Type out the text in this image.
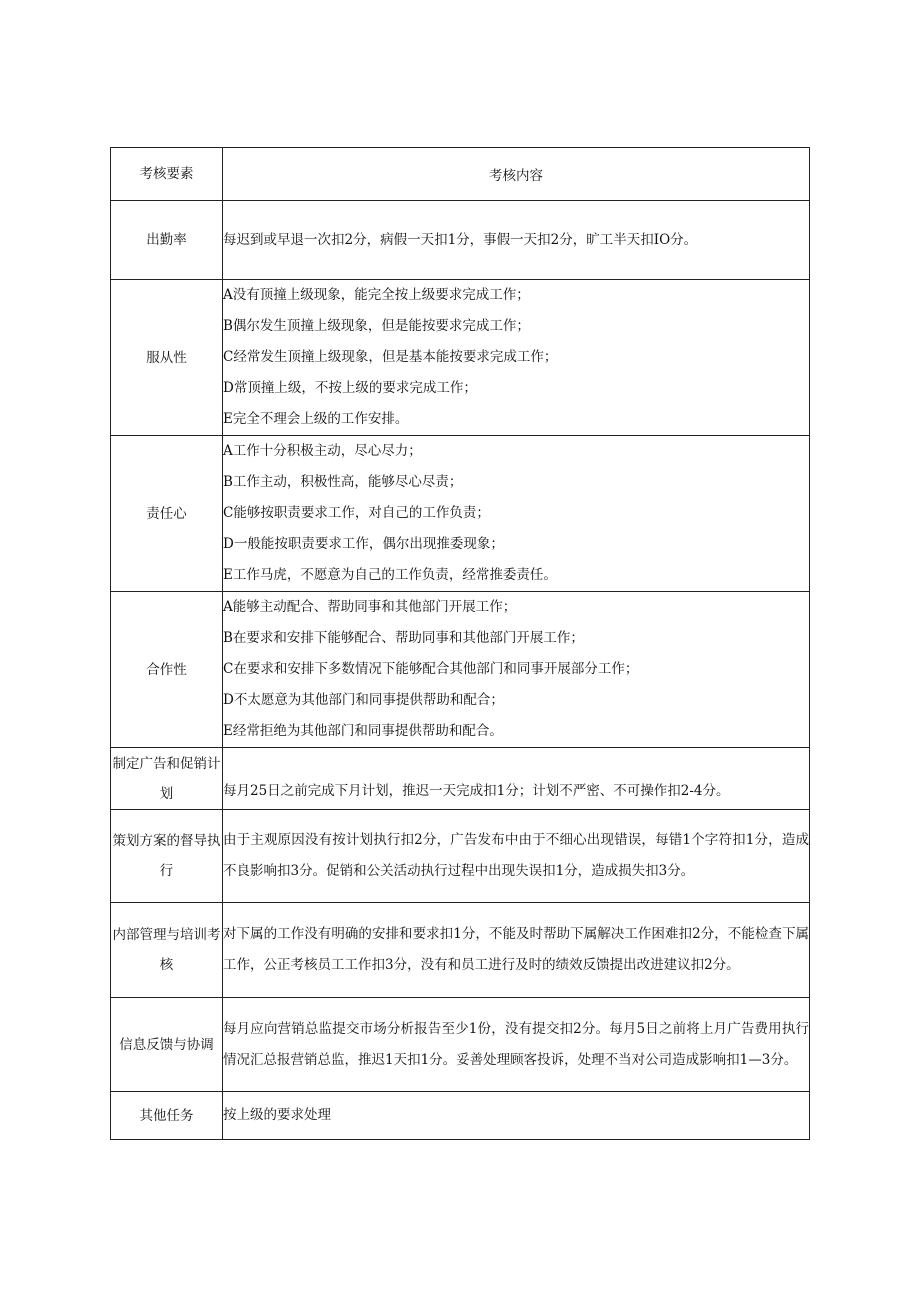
考核要素	考核内容
出勤率	每迟到或早退一次扣2分，病假一天扣1分，事假一天扣2分，旷工半天扣IO分。

服从性	A没有顶撞上级现象，能完全按上级要求完成工作；
B偶尔发生顶撞上级现象，但是能按要求完成工作；
C经常发生顶撞上级现象，但是基本能按要求完成工作；
D常顶撞上级，不按上级的要求完成工作；
E完全不理会上级的工作安排。

责任心	A工作十分积极主动，尽心尽力；
B工作主动，积极性高，能够尽心尽责；
C能够按职责要求工作，对自己的工作负责；
D一般能按职责要求工作，偶尔出现推委现象；
E工作马虎，不愿意为自己的工作负责，经常推委责任。

合作性	A能够主动配合、帮助同事和其他部门开展工作；
B在要求和安排下能够配合、帮助同事和其他部门开展工作；
C在要求和安排下多数情况下能够配合其他部门和同事开展部分工作；
D不太愿意为其他部门和同事提供帮助和配合；
E经常拒绝为其他部门和同事提供帮助和配合。

制定广告和促销计划	每月25日之前完成下月计划，推迟一天完成扣1分；计划不严密、不可操作扣2-4分。

策划方案的督导执行	由于主观原因没有按计划执行扣2分，广告发布中由于不细心出现错误，每错1个字符扣1分，造成不良影响扣3分。促销和公关活动执行过程中出现失误扣1分，造成损失扣3分。

内部管理与培训考核	对下属的工作没有明确的安排和要求扣1分，不能及时帮助下属解决工作困难扣2分，不能检查下属工作，公正考核员工工作扣3分，没有和员工进行及时的绩效反馈提出改进建议扣2分。

信息反馈与协调	每月应向营销总监提交市场分析报告至少1份，没有提交扣2分。每月5日之前将上月广告费用执行情况汇总报营销总监，推迟1天扣1分。妥善处理顾客投诉，处理不当对公司造成影响扣1—3分。

其他任务	按上级的要求处理
